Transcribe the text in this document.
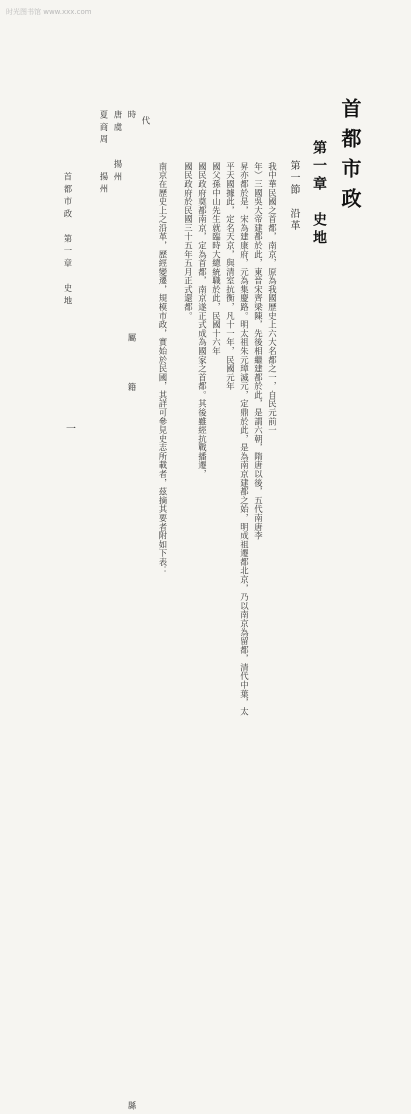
时光图书馆 www.xxx.com
首都市政
第一章　史地
第一節　沿革
我中華民國之首都，南京，原為我國歷史上六大名都之一，自民元前一
年）三國吳大帝建都於此，東晉宋齊梁陳，先後相繼建都於此，是謂六朝，隋唐以後，五代南唐李
昇亦都於是，宋為建康府，元為集慶路。明太祖朱元璋滅元，定鼎於此，是為南京建都之始，明成祖遷都北京，乃以南京為留都，清代中葉，太
平天國據此，定名天京，與清室抗衡，凡十一年，民國元年
國父孫中山先生就臨時大總統職於此，民國十六年
國民政府奠都南京，定為首都，南京遂正式成為國家之首都。其後雖經抗戰播遷，
國民政府於民國三十五年五月正式還都。
南京在歷史上之沿革，歷經變遷，規模市政，實始於民國，其詳可參見史志所載者，茲摘其要者附如下表：
時　　　　　　　　　　　　　　　　　屬　　　籍　　　　　　　　　　　　　　　　　　　　　　　　　　　　　　　　　　　　　　　　　　　　　　　　　　　　　　　　　縣 代　　　　　　　　　　　　　　　　　　　　　　　　　　　　　　　　　　　　　　　　　　　　　　　　　　　　　
唐虞　　揚州
夏商周　　揚州
首都市政　第一章　史地
一
